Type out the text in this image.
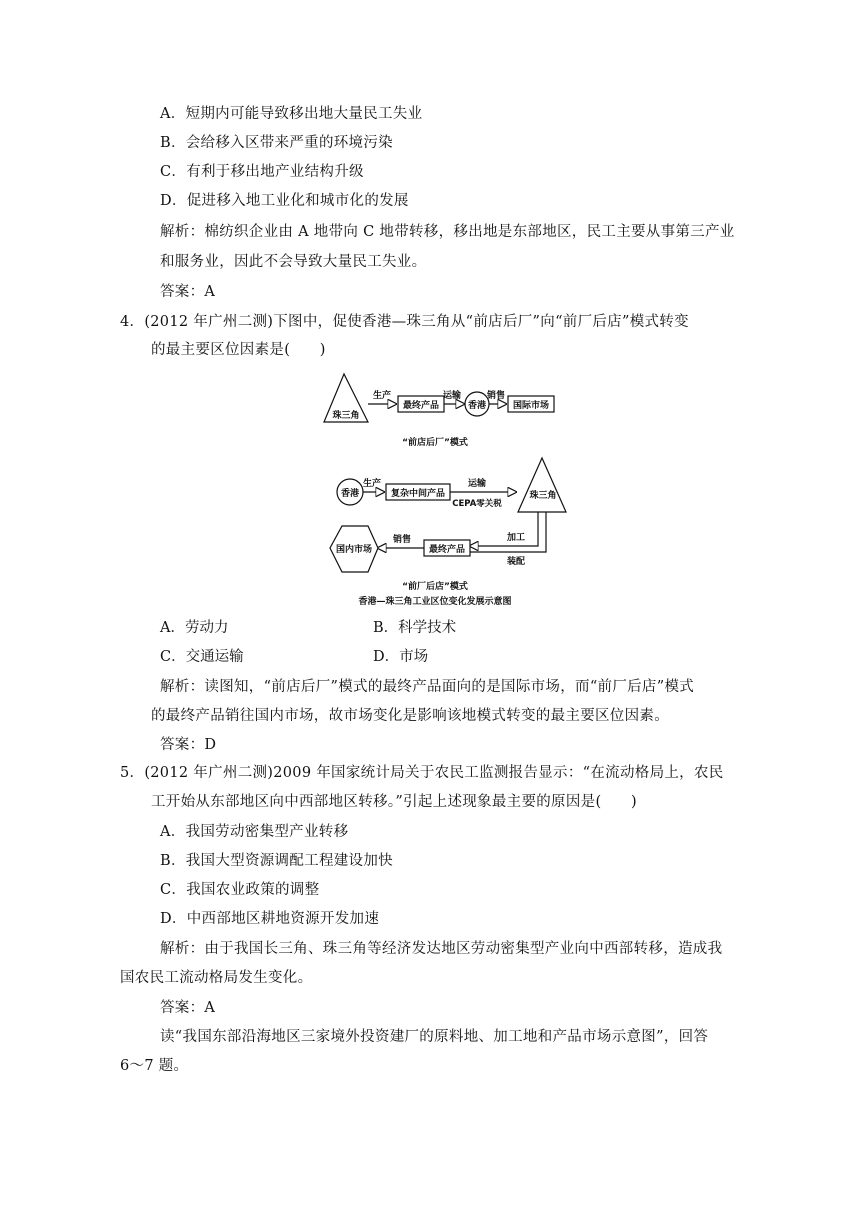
A．短期内可能导致移出地大量民工失业
B．会给移入区带来严重的环境污染
C．有利于移出地产业结构升级
D．促进移入地工业化和城市化的发展
解析：棉纺织企业由 A 地带向 C 地带转移，移出地是东部地区，民工主要从事第三产业
和服务业，因此不会导致大量民工失业。
答案：A
4．(2012 年广州二测)下图中，促使香港—珠三角从“前店后厂”向“前厂后店”模式转变
的最主要区位因素是(　　)
珠三角
生产
最终产品
运输
香港
销售
国际市场
“前店后厂”模式
香港
生产
复杂中间产品
运输
CEPA零关税
珠三角
加工
装配
最终产品
销售
国内市场
“前厂后店”模式
香港—珠三角工业区位变化发展示意图
A．劳动力	B．科学技术
C．交通运输	D．市场
解析：读图知，“前店后厂”模式的最终产品面向的是国际市场，而“前厂后店”模式
的最终产品销往国内市场，故市场变化是影响该地模式转变的最主要区位因素。
答案：D
5．(2012 年广州二测)2009 年国家统计局关于农民工监测报告显示：“在流动格局上，农民
工开始从东部地区向中西部地区转移。”引起上述现象最主要的原因是(　　)
A．我国劳动密集型产业转移
B．我国大型资源调配工程建设加快
C．我国农业政策的调整
D．中西部地区耕地资源开发加速
解析：由于我国长三角、珠三角等经济发达地区劳动密集型产业向中西部转移，造成我
国农民工流动格局发生变化。
答案：A
读“我国东部沿海地区三家境外投资建厂的原料地、加工地和产品市场示意图”，回答
6～7 题。
